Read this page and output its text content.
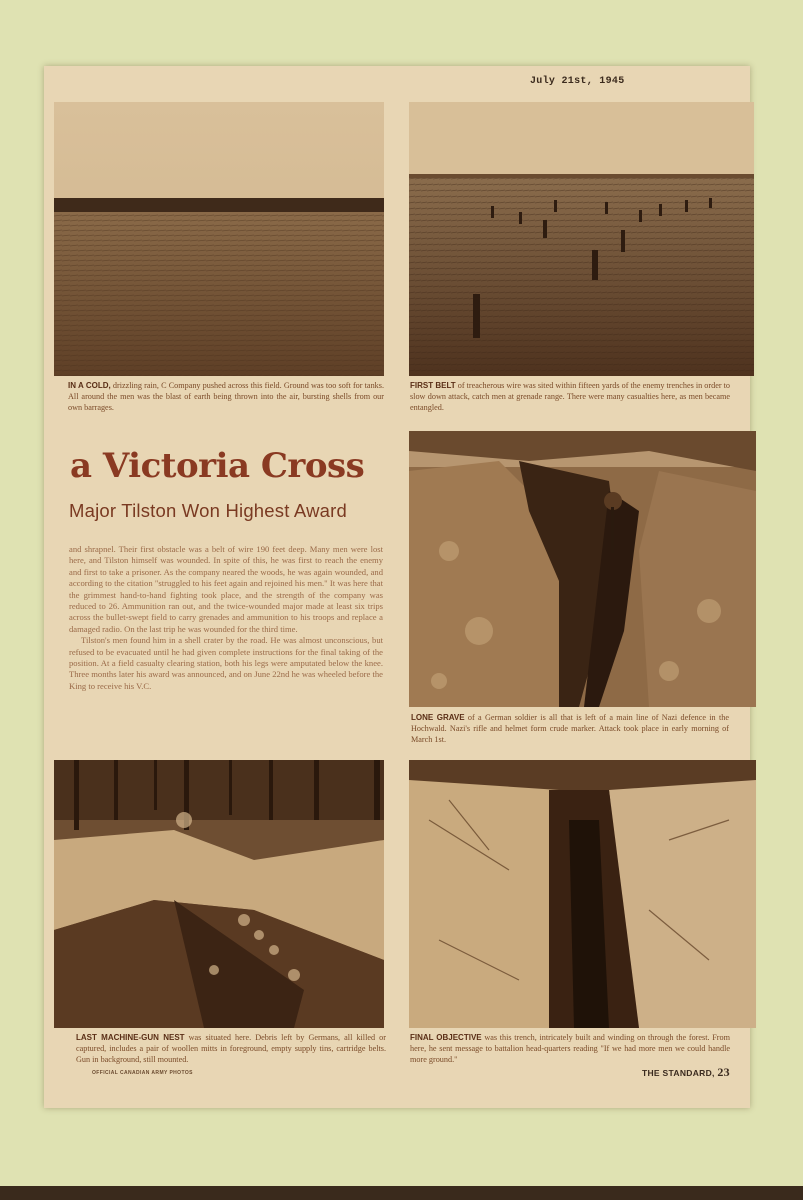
July 21st, 1945
IN A COLD, drizzling rain, C Company pushed across this field. Ground was too soft for tanks. All around the men was the blast of earth being thrown into the air, bursting shells from our own barrages.
FIRST BELT of treacherous wire was sited within fifteen yards of the enemy trenches in order to slow down attack, catch men at grenade range. There were many casualties here, as men became entangled.
a Victoria Cross
Major Tilston Won Highest Award

and shrapnel. Their first obstacle was a belt of wire 190 feet deep. Many men were lost here, and Tilston himself was wounded. In spite of this, he was first to reach the enemy and first to take a prisoner. As the company neared the woods, he was again wounded, and according to the citation "struggled to his feet again and rejoined his men." It was here that the grimmest hand-to-hand fighting took place, and the strength of the company was reduced to 26. Ammunition ran out, and the twice-wounded major made at least six trips across the bullet-swept field to carry grenades and ammunition to his troops and replace a damaged radio. On the last trip he was wounded for the third time.

Tilston's men found him in a shell crater by the road. He was almost unconscious, but refused to be evacuated until he had given complete instructions for the final taking of the position. At a field casualty clearing station, both his legs were amputated below the knee. Three months later his award was announced, and on June 22nd he was wheeled before the King to receive his V.C.

LONE GRAVE of a German soldier is all that is left of a main line of Nazi defence in the Hochwald. Nazi's rifle and helmet form crude marker. Attack took place in early morning of March 1st.
LAST MACHINE-GUN NEST was situated here. Debris left by Germans, all killed or captured, includes a pair of woollen mitts in foreground, empty supply tins, cartridge belts. Gun in background, still mounted.
FINAL OBJECTIVE was this trench, intricately built and winding on through the forest. From here, he sent message to battalion head-quarters reading "If we had more men we could handle more ground."
OFFICIAL CANADIAN ARMY PHOTOS	THE STANDARD, 23
